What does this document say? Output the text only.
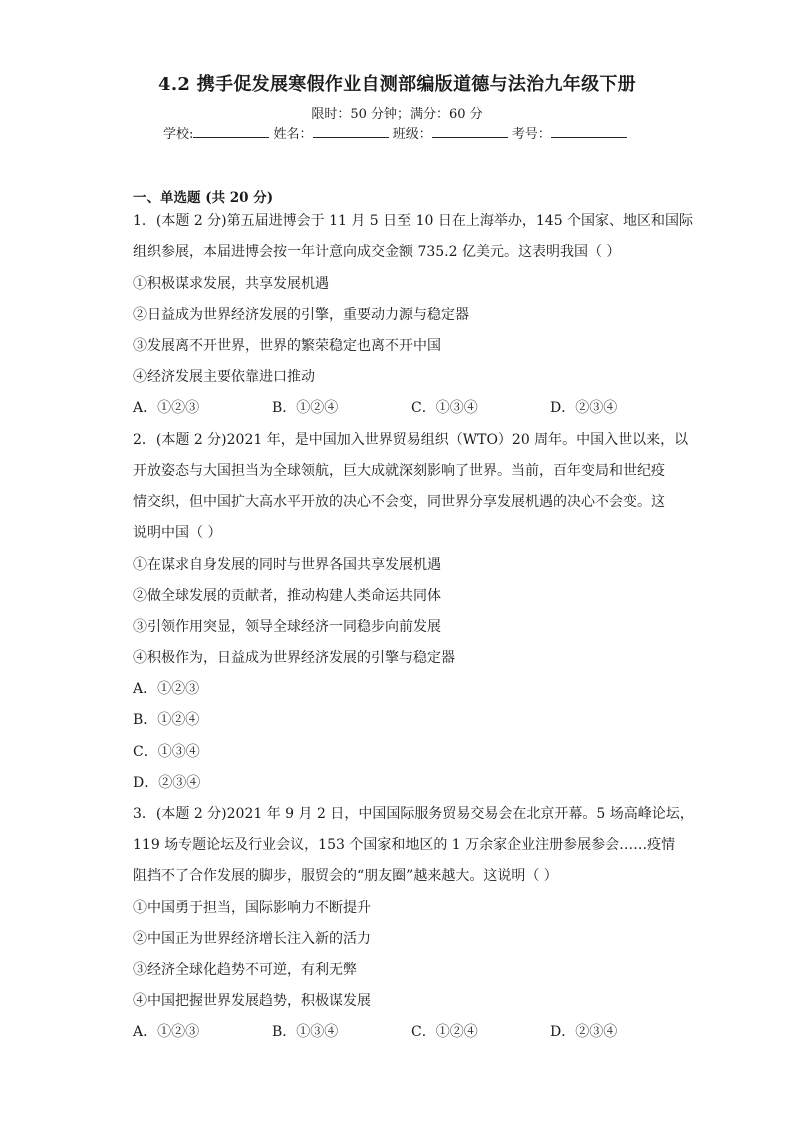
4.2 携手促发展寒假作业自测部编版道德与法治九年级下册
限时：50 分钟；满分：60 分
学校:	姓名：	班级：	考号：
一、单选题 (共 20 分)
1．(本题 2 分)第五届进博会于 11 月 5 日至 10 日在上海举办，145 个国家、地区和国际
组织参展，本届进博会按一年计意向成交金额 735.2 亿美元。这表明我国（ ）
①积极谋求发展，共享发展机遇
②日益成为世界经济发展的引擎，重要动力源与稳定器
③发展离不开世界，世界的繁荣稳定也离不开中国
④经济发展主要依靠进口推动
A．①②③	B．①②④	C．①③④	D．②③④
2．(本题 2 分)2021 年，是中国加入世界贸易组织（WTO）20 周年。中国入世以来，以
开放姿态与大国担当为全球领航，巨大成就深刻影响了世界。当前，百年变局和世纪疫
情交织，但中国扩大高水平开放的决心不会变，同世界分享发展机遇的决心不会变。这
说明中国（ ）
①在谋求自身发展的同时与世界各国共享发展机遇
②做全球发展的贡献者，推动构建人类命运共同体
③引领作用突显，领导全球经济一同稳步向前发展
④积极作为，日益成为世界经济发展的引擎与稳定器
A．①②③
B．①②④
C．①③④
D．②③④
3．(本题 2 分)2021 年 9 月 2 日，中国国际服务贸易交易会在北京开幕。5 场高峰论坛，
119 场专题论坛及行业会议，153 个国家和地区的 1 万余家企业注册参展参会……疫情
阻挡不了合作发展的脚步，服贸会的“朋友圈”越来越大。这说明（ ）
①中国勇于担当，国际影响力不断提升
②中国正为世界经济增长注入新的活力
③经济全球化趋势不可逆，有利无弊
④中国把握世界发展趋势，积极谋发展
A．①②③	B．①③④	C．①②④	D．②③④
